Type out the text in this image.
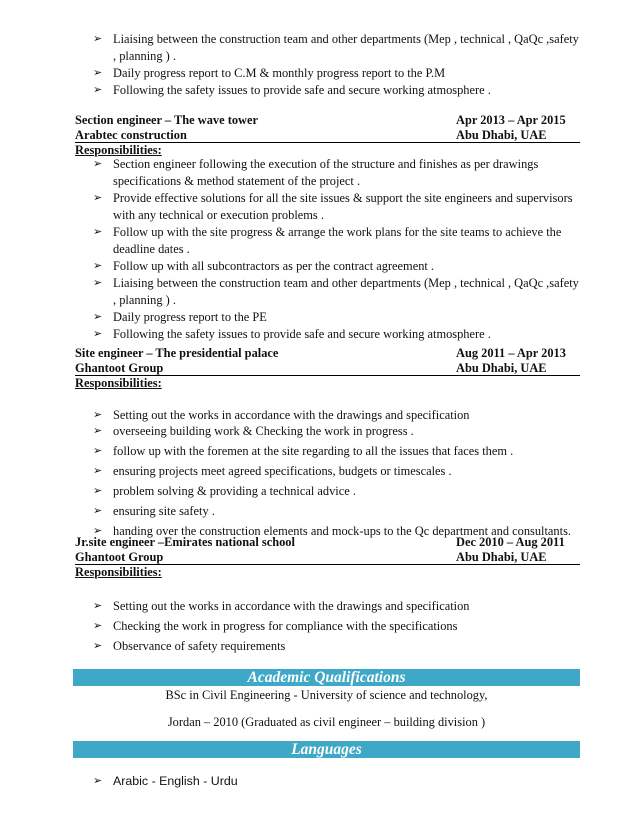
➢ Liaising between the construction team and other departments (Mep , technical , QaQc ,safety , planning ) .
➢ Daily progress report to C.M & monthly progress report to the P.M
➢ Following the safety issues to provide safe and secure working atmosphere .
Section engineer – The wave tower	Apr 2013 – Apr 2015
Arabtec construction	Abu Dhabi, UAE
Responsibilities:
➢ Section engineer following the execution of the structure and finishes as per drawings specifications & method statement of the project .
➢ Provide effective solutions for all the site issues & support the site engineers and supervisors with any technical or execution problems .
➢ Follow up with the site progress & arrange the work plans for the site teams to achieve the deadline dates .
➢ Follow up with all subcontractors as per the contract agreement .
➢ Liaising between the construction team and other departments (Mep , technical , QaQc ,safety , planning ) .
➢ Daily progress report to the PE
➢ Following the safety issues to provide safe and secure working atmosphere .
Site engineer – The presidential palace	Aug 2011 – Apr 2013
Ghantoot Group	Abu Dhabi, UAE
Responsibilities:
➢ Setting out the works in accordance with the drawings and specification
➢ overseeing building work & Checking the work in progress .
➢ follow up with the foremen at the site regarding to all the issues that faces them .
➢ ensuring projects meet agreed specifications, budgets or timescales .
➢ problem solving & providing a technical advice .
➢ ensuring site safety .
➢ handing over the construction elements and mock-ups to the Qc department and consultants.
Jr.site engineer –Emirates national school	Dec 2010 – Aug 2011
Ghantoot Group	Abu Dhabi, UAE
Responsibilities:
➢ Setting out the works in accordance with the drawings and specification
➢ Checking the work in progress for compliance with the specifications
➢ Observance of safety requirements
Academic Qualifications
BSc in Civil Engineering - University of science and technology,
Jordan – 2010 (Graduated as civil engineer – building division )
Languages
➢ Arabic - English - Urdu
